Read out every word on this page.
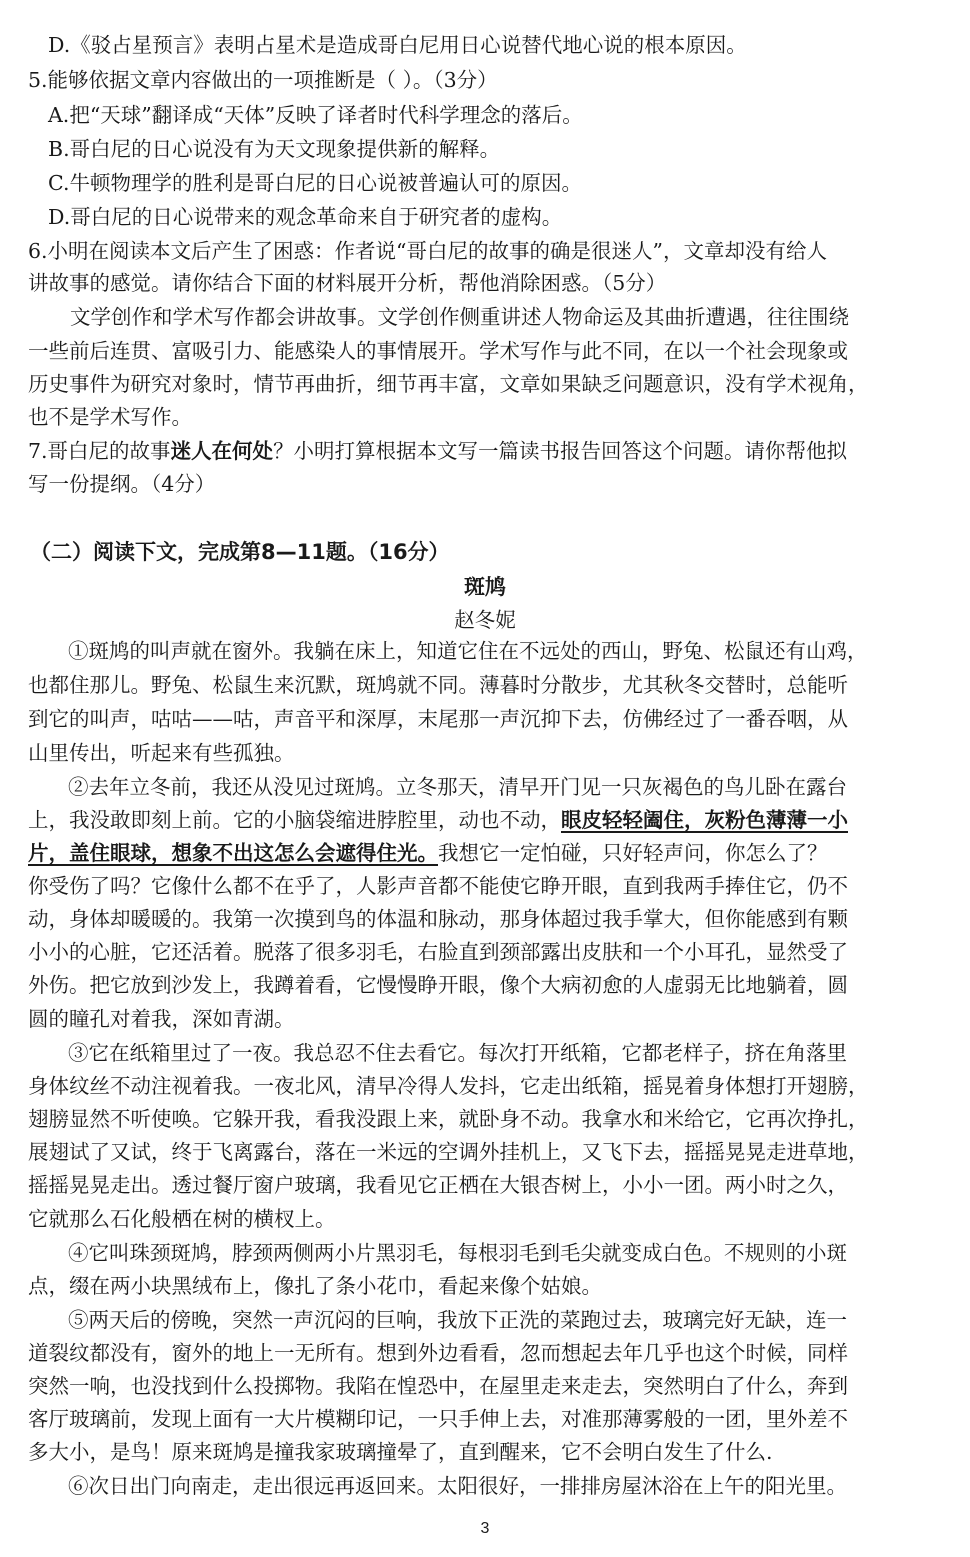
D.《驳占星预言》表明占星术是造成哥白尼用日心说替代地心说的根本原因。
5.能够依据文章内容做出的一项推断是（ ）。（3分）
A.把“天球”翻译成“天体”反映了译者时代科学理念的落后。
B.哥白尼的日心说没有为天文现象提供新的解释。
C.牛顿物理学的胜利是哥白尼的日心说被普遍认可的原因。
D.哥白尼的日心说带来的观念革命来自于研究者的虚构。
6.小明在阅读本文后产生了困惑：作者说“哥白尼的故事的确是很迷人”，文章却没有给人
讲故事的感觉。请你结合下面的材料展开分析，帮他消除困惑。（5分）
文学创作和学术写作都会讲故事。文学创作侧重讲述人物命运及其曲折遭遇，往往围绕
一些前后连贯、富吸引力、能感染人的事情展开。学术写作与此不同，在以一个社会现象或
历史事件为研究对象时，情节再曲折，细节再丰富，文章如果缺乏问题意识，没有学术视角，
也不是学术写作。
7.哥白尼的故事迷人在何处？小明打算根据本文写一篇读书报告回答这个问题。请你帮他拟
写一份提纲。（4分）
（二）阅读下文，完成第8—11题。（16分）
斑鸠
赵冬妮
①斑鸠的叫声就在窗外。我躺在床上，知道它住在不远处的西山，野兔、松鼠还有山鸡，
也都住那儿。野兔、松鼠生来沉默，斑鸠就不同。薄暮时分散步，尤其秋冬交替时，总能听
到它的叫声，咕咕——咕，声音平和深厚，末尾那一声沉抑下去，仿佛经过了一番吞咽，从
山里传出，听起来有些孤独。
②去年立冬前，我还从没见过斑鸠。立冬那天，清早开门见一只灰褐色的鸟儿卧在露台
上，我没敢即刻上前。它的小脑袋缩进脖腔里，动也不动，眼皮轻轻阖住，灰粉色薄薄一小
片，盖住眼球，想象不出这怎么会遮得住光。我想它一定怕碰，只好轻声问，你怎么了？
你受伤了吗？它像什么都不在乎了，人影声音都不能使它睁开眼，直到我两手捧住它，仍不
动，身体却暖暖的。我第一次摸到鸟的体温和脉动，那身体超过我手掌大，但你能感到有颗
小小的心脏，它还活着。脱落了很多羽毛，右脸直到颈部露出皮肤和一个小耳孔，显然受了
外伤。把它放到沙发上，我蹲着看，它慢慢睁开眼，像个大病初愈的人虚弱无比地躺着，圆
圆的瞳孔对着我，深如青湖。
③它在纸箱里过了一夜。我总忍不住去看它。每次打开纸箱，它都老样子，挤在角落里
身体纹丝不动注视着我。一夜北风，清早冷得人发抖，它走出纸箱，摇晃着身体想打开翅膀，
翅膀显然不听使唤。它躲开我，看我没跟上来，就卧身不动。我拿水和米给它，它再次挣扎，
展翅试了又试，终于飞离露台，落在一米远的空调外挂机上，又飞下去，摇摇晃晃走进草地，
摇摇晃晃走出。透过餐厅窗户玻璃，我看见它正栖在大银杏树上，小小一团。两小时之久，
它就那么石化般栖在树的横杈上。
④它叫珠颈斑鸠，脖颈两侧两小片黑羽毛，每根羽毛到毛尖就变成白色。不规则的小斑
点，缀在两小块黑绒布上，像扎了条小花巾，看起来像个姑娘。
⑤两天后的傍晚，突然一声沉闷的巨响，我放下正洗的菜跑过去，玻璃完好无缺，连一
道裂纹都没有，窗外的地上一无所有。想到外边看看，忽而想起去年几乎也这个时候，同样
突然一响，也没找到什么投掷物。我陷在惶恐中，在屋里走来走去，突然明白了什么，奔到
客厅玻璃前，发现上面有一大片模糊印记，一只手伸上去，对准那薄雾般的一团，里外差不
多大小，是鸟！原来斑鸠是撞我家玻璃撞晕了，直到醒来，它不会明白发生了什么.
⑥次日出门向南走，走出很远再返回来。太阳很好，一排排房屋沐浴在上午的阳光里。
3
